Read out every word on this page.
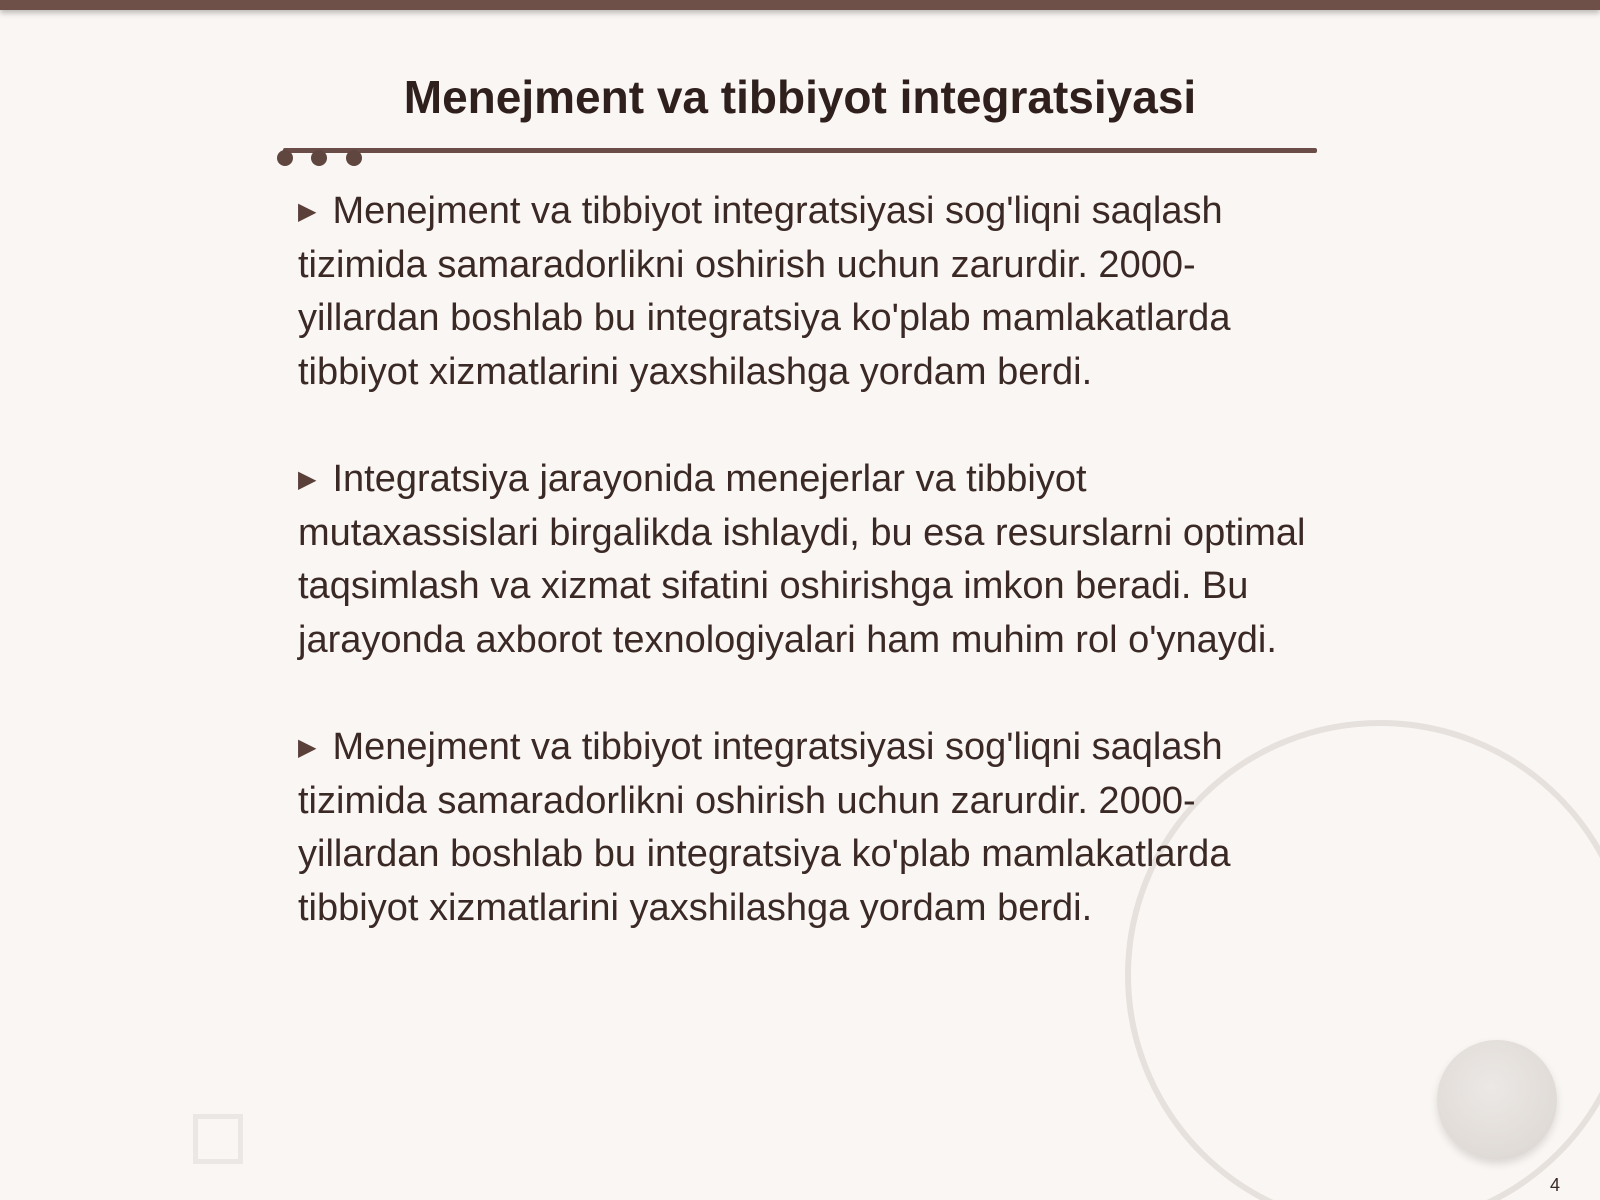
Menejment va tibbiyot integratsiyasi

▶ Menejment va tibbiyot integratsiyasi sog'liqni saqlash tizimida samaradorlikni oshirish uchun zarurdir. 2000-yillardan boshlab bu integratsiya ko'plab mamlakatlarda tibbiyot xizmatlarini yaxshilashga yordam berdi.

▶ Integratsiya jarayonida menejerlar va tibbiyot mutaxassislari birgalikda ishlaydi, bu esa resurslarni optimal taqsimlash va xizmat sifatini oshirishga imkon beradi. Bu jarayonda axborot texnologiyalari ham muhim rol o'ynaydi.

▶ Menejment va tibbiyot integratsiyasi sog'liqni saqlash tizimida samaradorlikni oshirish uchun zarurdir. 2000-yillardan boshlab bu integratsiya ko'plab mamlakatlarda tibbiyot xizmatlarini yaxshilashga yordam berdi.

4
